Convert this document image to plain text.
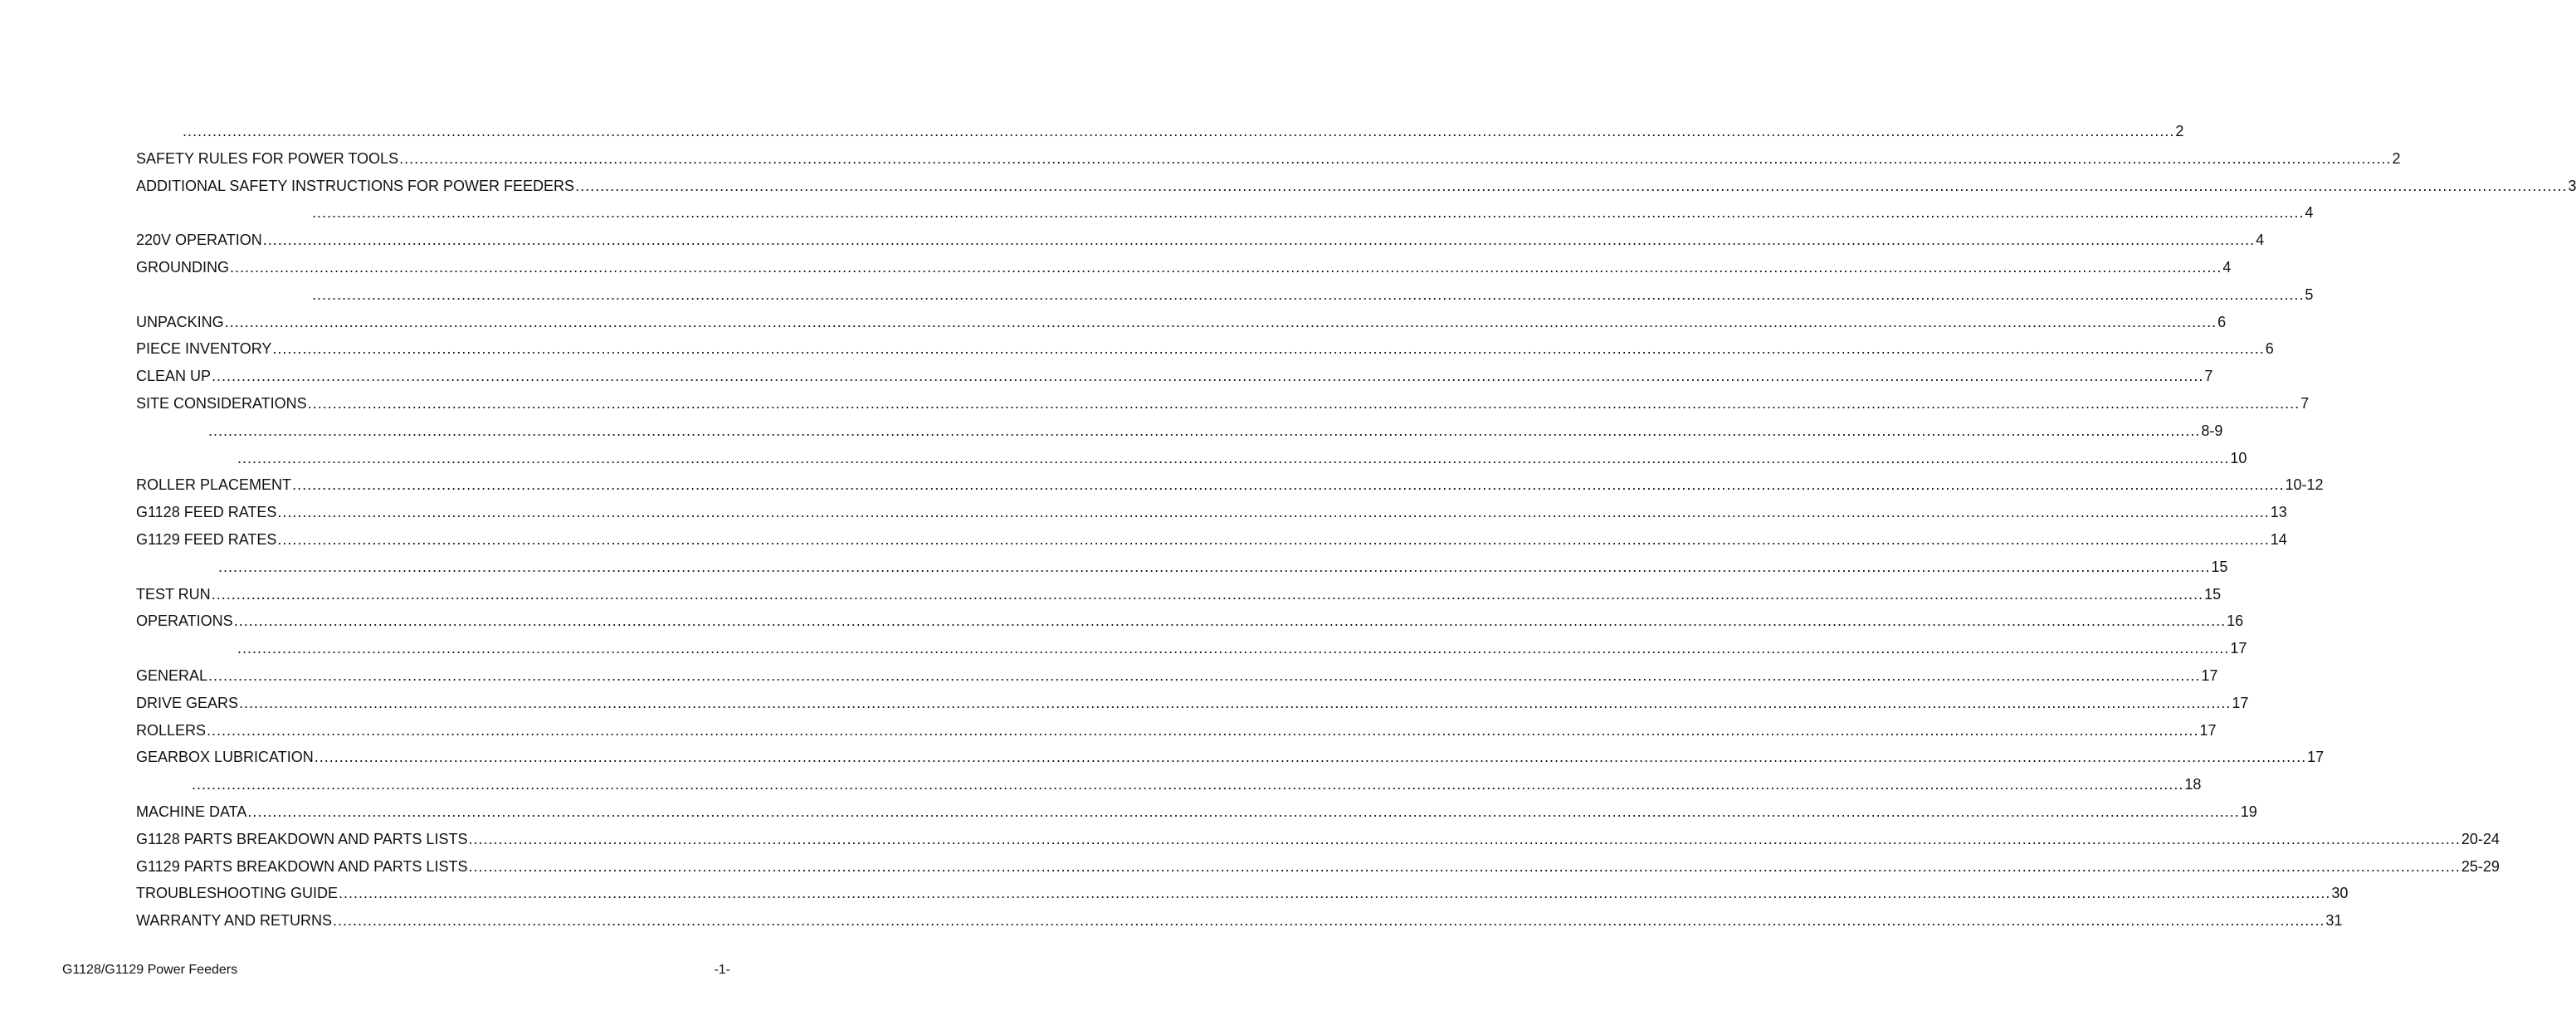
................................................................................................................................................................................................................................................................................................................................................................................................................ 2
SAFETY RULES FOR POWER TOOLS ................................................................................................................................................................................................................................................................................................................................................................................................................ 2
ADDITIONAL SAFETY INSTRUCTIONS FOR POWER FEEDERS ................................................................................................................................................................................................................................................................................................................................................................................................................ 3
................................................................................................................................................................................................................................................................................................................................................................................................................ 4
220V OPERATION ................................................................................................................................................................................................................................................................................................................................................................................................................ 4
GROUNDING ................................................................................................................................................................................................................................................................................................................................................................................................................ 4
................................................................................................................................................................................................................................................................................................................................................................................................................ 5
UNPACKING ................................................................................................................................................................................................................................................................................................................................................................................................................ 6
PIECE INVENTORY ................................................................................................................................................................................................................................................................................................................................................................................................................ 6
CLEAN UP ................................................................................................................................................................................................................................................................................................................................................................................................................ 7
SITE CONSIDERATIONS ................................................................................................................................................................................................................................................................................................................................................................................................................ 7
................................................................................................................................................................................................................................................................................................................................................................................................................ 8-9
................................................................................................................................................................................................................................................................................................................................................................................................................ 10
ROLLER PLACEMENT ................................................................................................................................................................................................................................................................................................................................................................................................................ 10-12
G1128 FEED RATES ................................................................................................................................................................................................................................................................................................................................................................................................................ 13
G1129 FEED RATES ................................................................................................................................................................................................................................................................................................................................................................................................................ 14
................................................................................................................................................................................................................................................................................................................................................................................................................ 15
TEST RUN ................................................................................................................................................................................................................................................................................................................................................................................................................ 15
OPERATIONS ................................................................................................................................................................................................................................................................................................................................................................................................................ 16
................................................................................................................................................................................................................................................................................................................................................................................................................ 17
GENERAL ................................................................................................................................................................................................................................................................................................................................................................................................................ 17
DRIVE GEARS ................................................................................................................................................................................................................................................................................................................................................................................................................ 17
ROLLERS ................................................................................................................................................................................................................................................................................................................................................................................................................ 17
GEARBOX LUBRICATION ................................................................................................................................................................................................................................................................................................................................................................................................................ 17
................................................................................................................................................................................................................................................................................................................................................................................................................ 18
MACHINE DATA ................................................................................................................................................................................................................................................................................................................................................................................................................ 19
G1128 PARTS BREAKDOWN AND PARTS LISTS ................................................................................................................................................................................................................................................................................................................................................................................................................ 20-24
G1129 PARTS BREAKDOWN AND PARTS LISTS ................................................................................................................................................................................................................................................................................................................................................................................................................ 25-29
TROUBLESHOOTING GUIDE ................................................................................................................................................................................................................................................................................................................................................................................................................ 30
WARRANTY AND RETURNS ................................................................................................................................................................................................................................................................................................................................................................................................................ 31
G1128/G1129 Power Feeders	-1-
